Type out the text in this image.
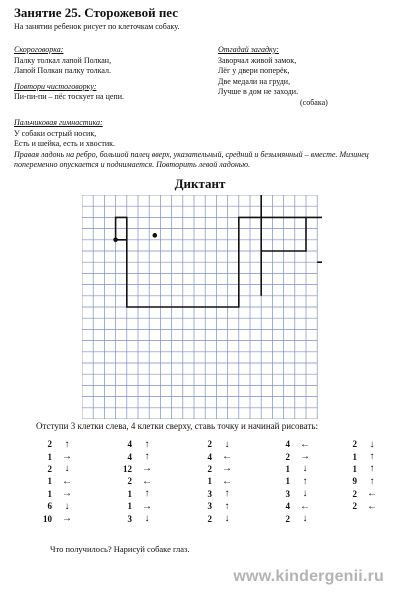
Занятие 25. Сторожевой пес
На занятии ребенок рисует по клеточкам собаку.
Скороговорка:
Палку толкал лапой Полкан,
Лапой Полкан палку толкал.
Повтори чистоговорку:
Пи-пи-пи – пёс тоскует на цепи.
Отгадай загадку:
Заворчал живой замок,
Лёг у двери поперёк,
Две медали на груди,
Лучше в дом не заходи.
(собака)
Пальчиковая гимнастика:
У собаки острый носик,
Есть и шейка, есть и хвостик.
Правая ладонь на ребро, большой палец вверх, указательный, средний и безымянный – вместе. Мизинец попеременно опускается и поднимается. Повторить левой ладонью.
Диктант
Отступи 3 клетки слева, 4 клетки сверху, ставь точку и начинай рисовать:
2	↑
1	→
2	↓
1	←
1	→
6	↓
10	→
4	↑
4	↑
12	→
2	←
1	↑
1	→
3	↓
2	↓
4	←
2	→
1	←
3	↑
3	↑
2	↓
4	←
2	→
1	↓
1	↑
3	↓
4	←
2	↓
2	↓
1	↑
1	↑
9	↑
2	←
2	←
Что получилось? Нарисуй собаке глаз.
www.kindergenii.ru
